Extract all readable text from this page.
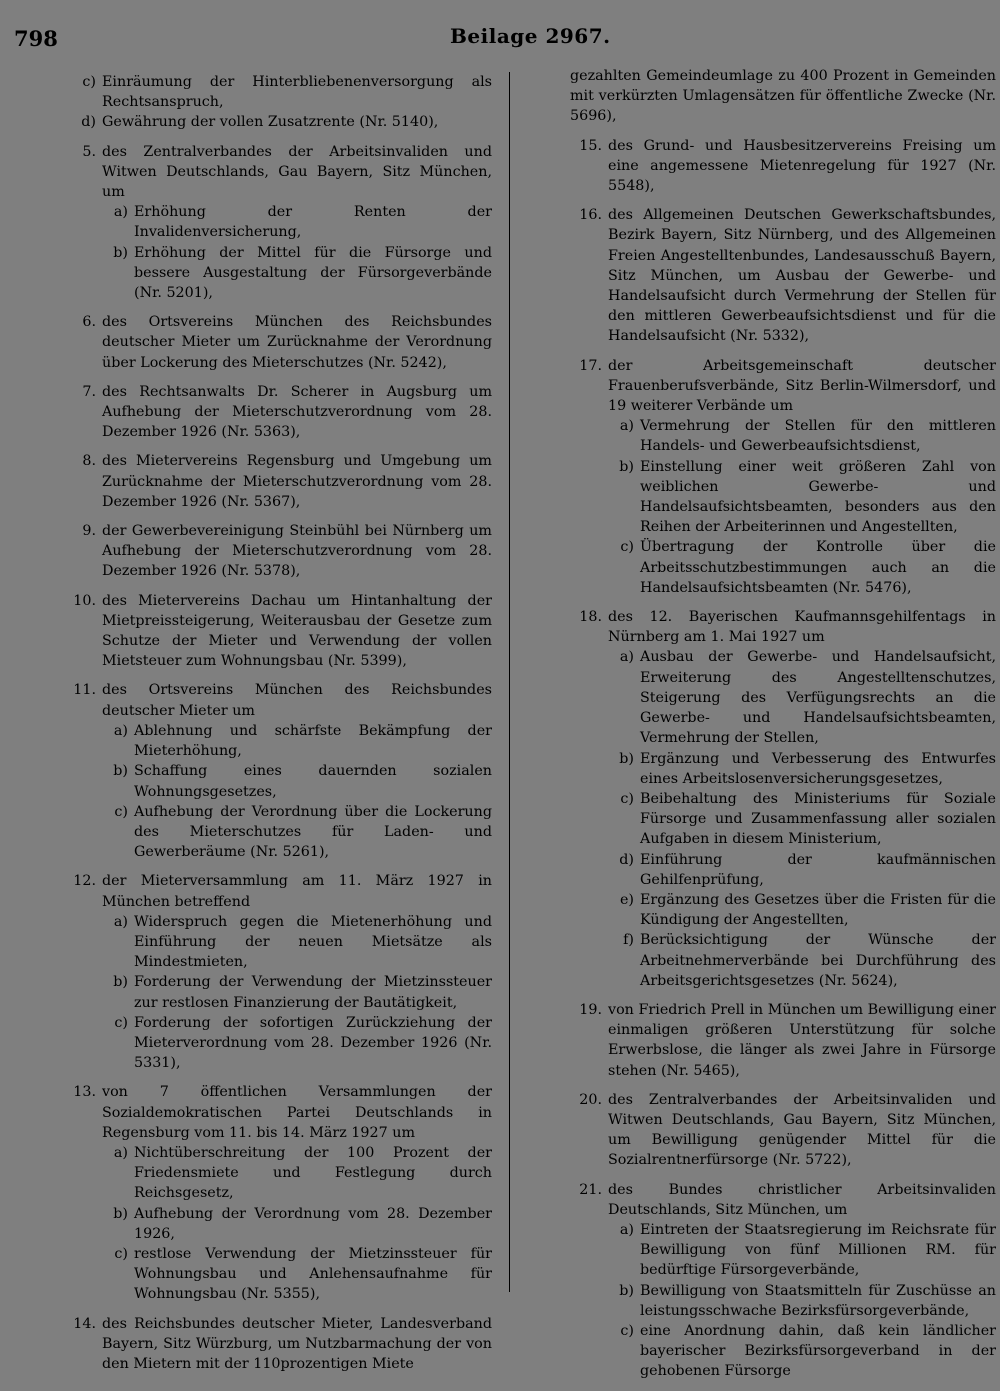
798	Beilage 2967.
c) Einräumung der Hinterbliebenenversorgung als Rechtsanspruch,
d) Gewährung der vollen Zusatzrente (Nr. 5140),
5. des Zentralverbandes der Arbeitsinvaliden und Witwen Deutschlands, Gau Bayern, Sitz München, um
a) Erhöhung der Renten der Invalidenversicherung,
b) Erhöhung der Mittel für die Fürsorge und bessere Ausgestaltung der Fürsorgeverbände (Nr. 5201),
6. des Ortsvereins München des Reichsbundes deutscher Mieter um Zurücknahme der Verordnung über Lockerung des Mieterschutzes (Nr. 5242),
7. des Rechtsanwalts Dr. Scherer in Augsburg um Aufhebung der Mieterschutzverordnung vom 28. Dezember 1926 (Nr. 5363),
8. des Mietervereins Regensburg und Umgebung um Zurücknahme der Mieterschutzverordnung vom 28. Dezember 1926 (Nr. 5367),
9. der Gewerbevereinigung Steinbühl bei Nürnberg um Aufhebung der Mieterschutzverordnung vom 28. Dezember 1926 (Nr. 5378),
10. des Mietervereins Dachau um Hintanhaltung der Mietpreissteigerung, Weiterausbau der Gesetze zum Schutze der Mieter und Verwendung der vollen Mietsteuer zum Wohnungsbau (Nr. 5399),
11. des Ortsvereins München des Reichsbundes deutscher Mieter um
a) Ablehnung und schärfste Bekämpfung der Mieterhöhung,
b) Schaffung eines dauernden sozialen Wohnungsgesetzes,
c) Aufhebung der Verordnung über die Lockerung des Mieterschutzes für Laden- und Gewerberäume (Nr. 5261),
12. der Mieterversammlung am 11. März 1927 in München betreffend
a) Widerspruch gegen die Mietenerhöhung und Einführung der neuen Mietsätze als Mindestmieten,
b) Forderung der Verwendung der Mietzinssteuer zur restlosen Finanzierung der Bautätigkeit,
c) Forderung der sofortigen Zurückziehung der Mieterverordnung vom 28. Dezember 1926 (Nr. 5331),
13. von 7 öffentlichen Versammlungen der Sozialdemokratischen Partei Deutschlands in Regensburg vom 11. bis 14. März 1927 um
a) Nichtüberschreitung der 100 Prozent der Friedensmiete und Festlegung durch Reichsgesetz,
b) Aufhebung der Verordnung vom 28. Dezember 1926,
c) restlose Verwendung der Mietzinssteuer für Wohnungsbau und Anlehensaufnahme für Wohnungsbau (Nr. 5355),
14. des Reichsbundes deutscher Mieter, Landesverband Bayern, Sitz Würzburg, um Nutzbarmachung der von den Mietern mit der 110prozentigen Miete
gezahlten Gemeindeumlage zu 400 Prozent in Gemeinden mit verkürzten Umlagensätzen für öffentliche Zwecke (Nr. 5696),
15. des Grund- und Hausbesitzervereins Freising um eine angemessene Mietenregelung für 1927 (Nr. 5548),
16. des Allgemeinen Deutschen Gewerkschaftsbundes, Bezirk Bayern, Sitz Nürnberg, und des Allgemeinen Freien Angestelltenbundes, Landesausschuß Bayern, Sitz München, um Ausbau der Gewerbe- und Handelsaufsicht durch Vermehrung der Stellen für den mittleren Gewerbeaufsichtsdienst und für die Handelsaufsicht (Nr. 5332),
17. der Arbeitsgemeinschaft deutscher Frauenberufsverbände, Sitz Berlin-Wilmersdorf, und 19 weiterer Verbände um
a) Vermehrung der Stellen für den mittleren Handels- und Gewerbeaufsichtsdienst,
b) Einstellung einer weit größeren Zahl von weiblichen Gewerbe- und Handelsaufsichtsbeamten, besonders aus den Reihen der Arbeiterinnen und Angestellten,
c) Übertragung der Kontrolle über die Arbeitsschutzbestimmungen auch an die Handelsaufsichtsbeamten (Nr. 5476),
18. des 12. Bayerischen Kaufmannsgehilfentags in Nürnberg am 1. Mai 1927 um
a) Ausbau der Gewerbe- und Handelsaufsicht, Erweiterung des Angestelltenschutzes, Steigerung des Verfügungsrechts an die Gewerbe- und Handelsaufsichtsbeamten, Vermehrung der Stellen,
b) Ergänzung und Verbesserung des Entwurfes eines Arbeitslosenversicherungsgesetzes,
c) Beibehaltung des Ministeriums für Soziale Fürsorge und Zusammenfassung aller sozialen Aufgaben in diesem Ministerium,
d) Einführung der kaufmännischen Gehilfenprüfung,
e) Ergänzung des Gesetzes über die Fristen für die Kündigung der Angestellten,
f) Berücksichtigung der Wünsche der Arbeitnehmerverbände bei Durchführung des Arbeitsgerichtsgesetzes (Nr. 5624),
19. von Friedrich Prell in München um Bewilligung einer einmaligen größeren Unterstützung für solche Erwerbslose, die länger als zwei Jahre in Fürsorge stehen (Nr. 5465),
20. des Zentralverbandes der Arbeitsinvaliden und Witwen Deutschlands, Gau Bayern, Sitz München, um Bewilligung genügender Mittel für die Sozialrentnerfürsorge (Nr. 5722),
21. des Bundes christlicher Arbeitsinvaliden Deutschlands, Sitz München, um
a) Eintreten der Staatsregierung im Reichsrate für Bewilligung von fünf Millionen RM. für bedürftige Fürsorgeverbände,
b) Bewilligung von Staatsmitteln für Zuschüsse an leistungsschwache Bezirksfürsorgeverbände,
c) eine Anordnung dahin, daß kein ländlicher bayerischer Bezirksfürsorgeverband in der gehobenen Fürsorge
